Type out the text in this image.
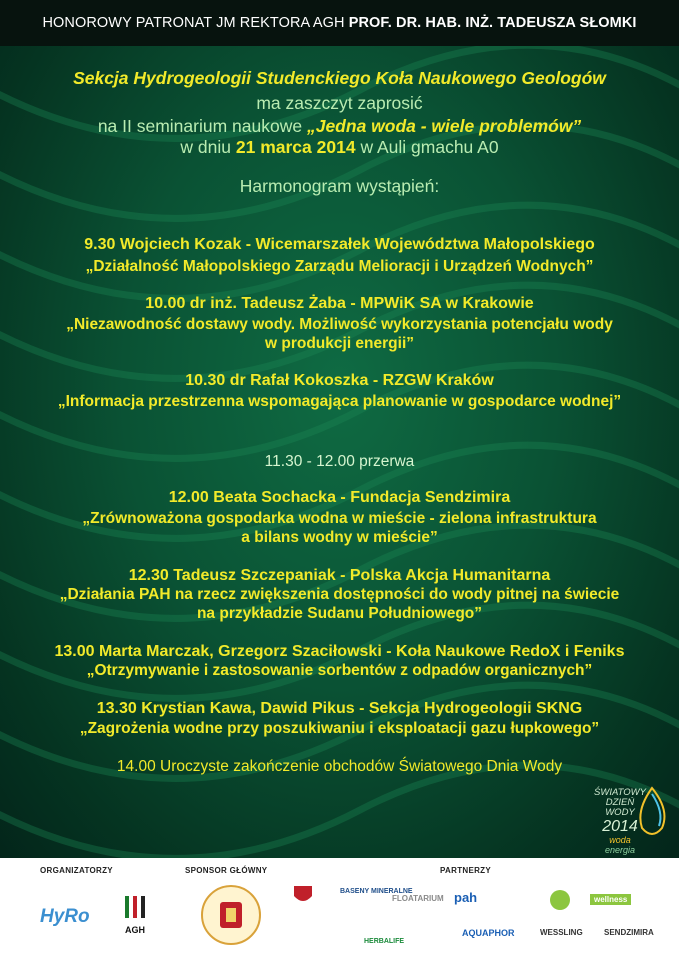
HONOROWY PATRONAT JM REKTORA AGH PROF. DR. HAB. INŻ. TADEUSZA SŁOMKI
Sekcja Hydrogeologii Studenckiego Koła Naukowego Geologów
ma zaszczyt zaprosić
na II seminarium naukowe „Jedna woda - wiele problemów”
w dniu 21 marca 2014 w Auli gmachu A0
Harmonogram wystąpień:
9.30 Wojciech Kozak - Wicemarszałek Województwa Małopolskiego
„Działalność Małopolskiego Zarządu Melioracji i Urządzeń Wodnych”
10.00 dr inż. Tadeusz Żaba - MPWiK SA w Krakowie
„Niezawodność dostawy wody. Możliwość wykorzystania potencjału wody
w produkcji energii”
10.30 dr Rafał Kokoszka - RZGW Kraków
„Informacja przestrzenna wspomagająca planowanie w gospodarce wodnej”
11.30 - 12.00 przerwa
12.00 Beata Sochacka - Fundacja Sendzimira
„Zrównoważona gospodarka wodna w mieście - zielona infrastruktura
a bilans wodny w mieście”
12.30 Tadeusz Szczepaniak - Polska Akcja Humanitarna
„Działania PAH na rzecz zwiększenia dostępności do wody pitnej na świecie
na przykładzie Sudanu Południowego”
13.00 Marta Marczak, Grzegorz Szaciłowski - Koła Naukowe RedoX i Feniks
„Otrzymywanie i zastosowanie sorbentów z odpadów organicznych”
13.30 Krystian Kawa, Dawid Pikus - Sekcja Hydrogeologii SKNG
„Zagrożenia wodne przy poszukiwaniu i eksploatacji gazu łupkowego”
14.00 Uroczyste zakończenie obchodów Światowego Dnia Wody
ŚWIATOWY
DZIEŃ
WODY
2014
woda
energia
ORGANIZATORZY	SPONSOR GŁÓWNY	PARTNERZY
HyRo
AGH
BASENY MINERALNE
FLOATARIUM pah	wellness
HERBALIFE
AQUAPHOR	WESSLING	SENDZIMIRA
